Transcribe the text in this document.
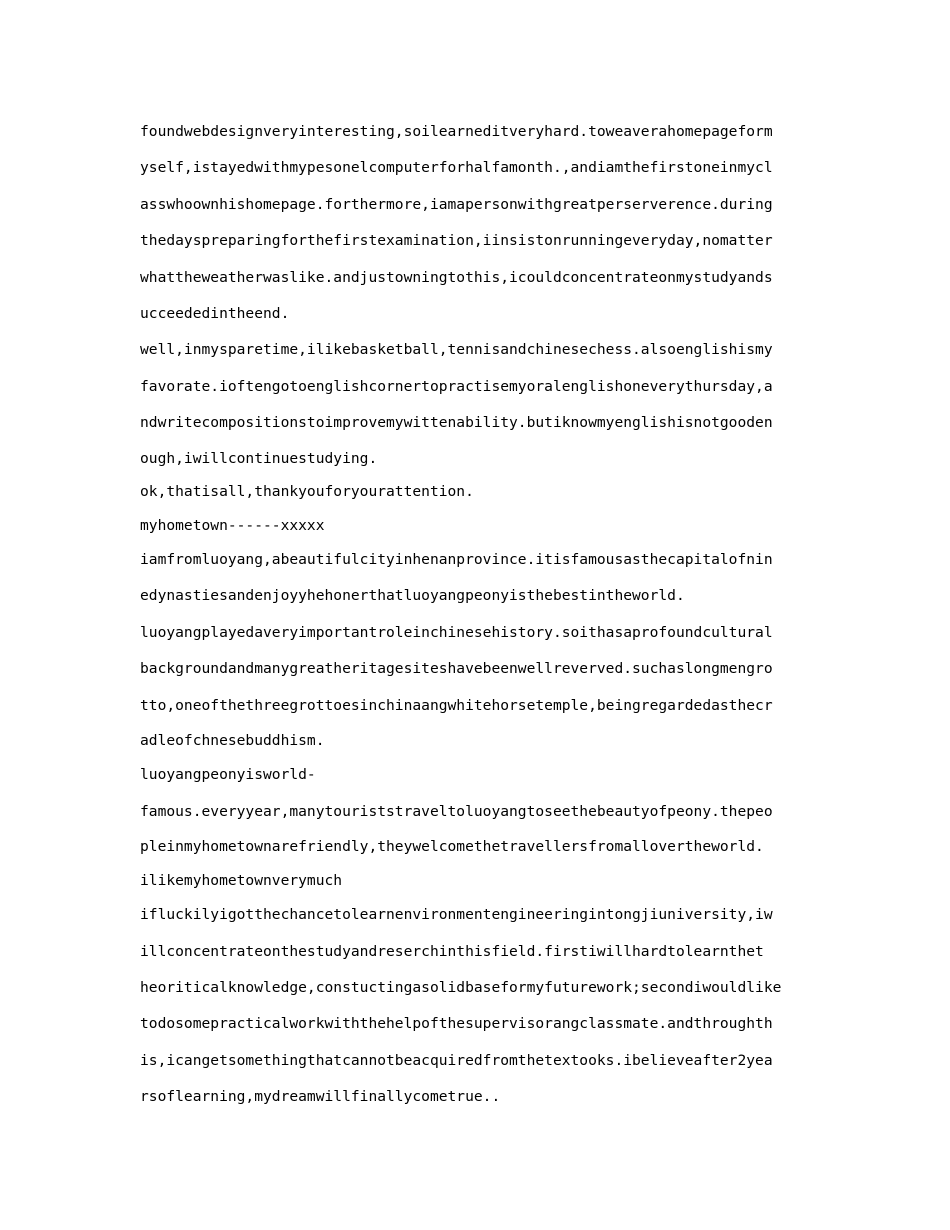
foundwebdesignveryinteresting,soilearneditveryhard.toweaverahomepageform
yself,istayedwithmypesonelcomputerforhalfamonth.,andiamthefirstoneinmycl
asswhoownhishomepage.forthermore,iamapersonwithgreatperserverence.during
thedayspreparingforthefirstexamination,iinsistonrunningeveryday,nomatter
whattheweatherwaslike.andjustowningtothis,icouldconcentrateonmystudyands
ucceededintheend.
well,inmysparetime,ilikebasketball,tennisandchinesechess.alsoenglishismy
favorate.ioftengotoenglishcornertopractisemyoralenglishoneverythursday,a
ndwritecompositionstoimprovemywittenability.butiknowmyenglishisnotgooden
ough,iwillcontinuestudying.
ok,thatisall,thankyouforyourattention.
myhometown------xxxxx
iamfromluoyang,abeautifulcityinhenanprovince.itisfamousasthecapitalofnin
edynastiesandenjoyyhehonerthatluoyangpeonyisthebestintheworld.
luoyangplayedaveryimportantroleinchinesehistory.soithasaprofoundcultural
backgroundandmanygreatheritagesiteshavebeenwellreverved.suchaslongmengro
tto,oneofthethreegrottoesinchinaangwhitehorsetemple,beingregardedasthecr
adleofchnesebuddhism.
luoyangpeonyisworld-
famous.everyyear,manytouriststraveltoluoyangtoseethebeautyofpeony.thepeo
pleinmyhometownarefriendly,theywelcomethetravellersfromallovertheworld.
ilikemyhometownverymuch
ifluckilyigotthechancetolearnenvironmentengineeringintongjiuniversity,iw
illconcentrateonthestudyandreserchinthisfield.firstiwillhardtolearnthet
heoriticalknowledge,constuctingasolidbaseformyfuturework;secondiwouldlike
todosomepracticalworkwiththehelpofthesupervisorangclassmate.andthroughth
is,icangetsomethingthatcannotbeacquiredfromthetextooks.ibelieveafter2yea
rsoflearning,mydreamwillfinallycometrue..
